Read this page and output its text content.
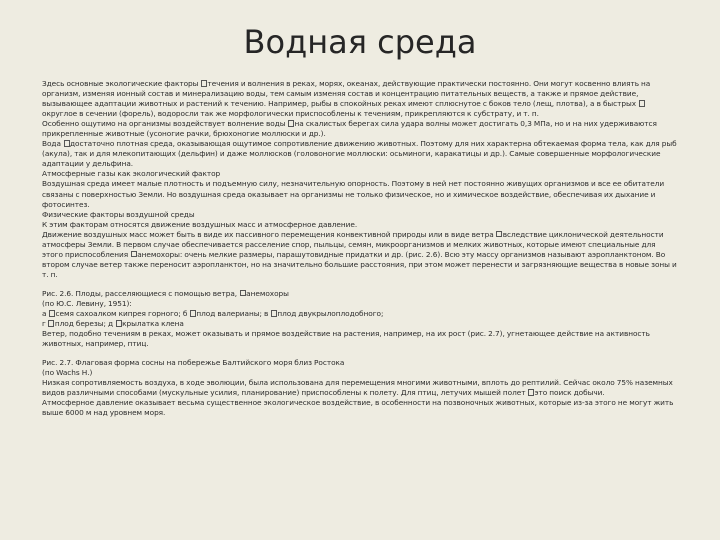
Водная среда
Здесь основные экологические факторы течения и волнения в реках, морях, океанах, действующие практически постоянно. Они могут косвенно влиять на организм, изменяя ионный состав и минерализацию воды, тем самым изменяя состав и концентрацию питательных веществ, а также и прямое действие, вызывающее адаптации животных и растений к течению. Например, рыбы в спокойных реках имеют сплюснутое с боков тело (лещ, плотва), а в быстрых округлое в сечении (форель), водоросли так же морфологически приспособлены к течениям, прикрепляются к субстрату, и т. п.
Особенно ощутимо на организмы воздействует волнение воды на скалистых берегах сила удара волны может достигать 0,3 МПа, но и на них удерживаются прикрепленные животные (усоногие рачки, брюхоногие моллюски и др.).
Вода достаточно плотная среда, оказывающая ощутимое сопротивление движению животных. Поэтому для них характерна обтекаемая форма тела, как для рыб (акула), так и для млекопитающих (дельфин) и даже моллюсков (головоногие моллюски: осьминоги, каракатицы и др.). Самые совершенные морфологические адаптации у дельфина.
Атмосферные газы как экологический фактор
Воздушная среда имеет малые плотность и подъемную силу, незначительную опорность. Поэтому в ней нет постоянно живущих организмов и все ее обитатели связаны с поверхностью Земли. Но воздушная среда оказывает на организмы не только физическое, но и химическое воздействие, обеспечивая их дыхание и фотосинтез.
Физические факторы воздушной среды
К этим факторам относятся движение воздушных масс и атмосферное давление.
Движение воздушных масс может быть в виде их пассивного перемещения конвективной природы или в виде ветра вследствие циклонической деятельности атмосферы Земли. В первом случае обеспечивается расселение спор, пыльцы, семян, микроорганизмов и мелких животных, которые имеют специальные для этого приспособления анемохоры: очень мелкие размеры, парашутовидные придатки и др. (рис. 2.6). Всю эту массу организмов называют аэропланктоном. Во втором случае ветер также переносит аэропланктон, но на значительно большие расстояния, при этом может перенести и загрязняющие вещества в новые зоны и т. п.
Рис. 2.6. Плоды, расселяющиеся с помощью ветра, анемохоры
(по Ю.С. Левину, 1951):
а семя сахоалком кипрея горного; б плод валерианы; в плод двукрылоплодобного;
г плод березы; д крылатка клена
Ветер, подобно течениям в реках, может оказывать и прямое воздействие на растения, например, на их рост (рис. 2.7), угнетающее действие на активность животных, например, птиц.
Рис. 2.7. Флаговая форма сосны на побережье Балтийского моря близ Ростока
(по Wachs Н.)
Низкая сопротивляемость воздуха, в ходе эволюции, была использована для перемещения многими животными, вплоть до рептилий. Сейчас около 75% наземных видов различными способами (мускульные усилия, планирование) приспособлены к полету. Для птиц, летучих мышей полет это поиск добычи.
Атмосферное давление оказывает весьма существенное экологическое воздействие, в особенности на позвоночных животных, которые из-за этого не могут жить выше 6000 м над уровнем моря.
